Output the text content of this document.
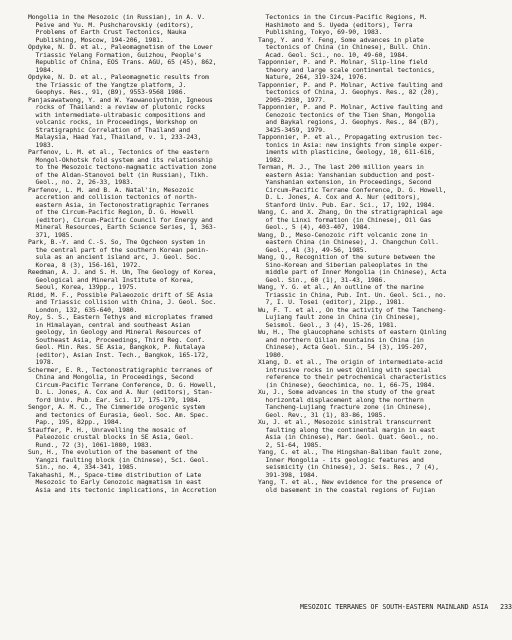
Mongolia in the Mesozoic (in Russian), in A. V.

Peive and Yu. M. Pushcharovskiy (editors),

Problems of Earth Crust Tectonics, Nauka

Publishing, Moscow, 194-206, 1981.

Opdyke, N. D. et al., Paleomagnetism of the Lower

Triassic Yelang Formation, Guizhou, People's

Republic of China, EOS Trans. AGU, 65 (45), 862,

1984.

Opdyke, N. D. et al., Paleomagnetic results from

the Triassic of the Yangtze platform, J.

Geophys. Res., 91, (B9), 9553-9568 1986.

Panjasawatwong, Y. and W. Yaowanoiyothin, Igneous

rocks of Thailand: a review of plutonic rocks

with intermediate-ultrabasic compositions and

volcanic rocks, in Proceedings, Workshop on

Stratigraphic Correlation of Thailand and

Malaysia, Haad Yai, Thailand, v. 1, 233-243,

1983.

Parfenov, L. M. et al., Tectonics of the eastern

Mongol-Okhotsk fold system and its relationship

to the Mesozoic tectono-magmatic activation zone

of the Aldan-Stanovoi belt (in Russian), Tikh.

Geol., no. 2, 26-33, 1983.

Parfenov, L. M. and B. A. Natal'in, Mesozoic

accretion and collision tectonics of north-

eastern Asia, in Tectonostratigraphic Terranes

of the Circum-Pacific Region, D. G. Howell

(editor), Circum-Pacific Council for Energy and

Mineral Resources, Earth Science Series, 1, 363-

371, 1985.

Park, B.-Y. and C.-S. So, The Ogcheon system in

the central part of the southern Korean penin-

sula as an ancient island arc, J. Geol. Soc.

Korea, 8 (3), 156-161, 1972.

Reedman, A. J. and S. H. Um, The Geology of Korea,

Geological and Mineral Institute of Korea,

Seoul, Korea, 139pp., 1975.

Ridd, M. F., Possible Palaeozoic drift of SE Asia

and Triassic collision with China, J. Geol. Soc.

London, 132, 635-640, 1980.

Roy, S. S., Eastern Tethys and microplates framed

in Himalayan, central and southeast Asian

geology, in Geology and Mineral Resources of

Southeast Asia, Proceedings, Third Reg. Conf.

Geol. Min. Res. SE Asia, Bangkok, P. Nutalaya

(editor), Asian Inst. Tech., Bangkok, 165-172,

1978.

Schermer, E. R., Tectonostratigraphic terranes of

China and Mongolia, in Proceedings, Second

Circum-Pacific Terrane Conference, D. G. Howell,

D. L. Jones, A. Cox and A. Nur (editors), Stan-

ford Univ. Pub. Ear. Sci. 17, 175-179, 1984.

Sengor, A. M. C., The Cimmeride orogenic system

and tectonics of Eurasia, Geol. Soc. Am. Spec.

Pap., 195, 82pp., 1984.

Stauffer, P. H., Unravelling the mosaic of

Paleozoic crustal blocks in SE Asia, Geol.

Rund., 72 (3), 1061-1080, 1983.

Sun, H., The evolution of the basement of the

Yangzi faulting block (in Chinese), Sci. Geol.

Sin., no. 4, 334-341, 1985.

Takahashi, M., Space-time distribution of Late

Mesozoic to Early Cenozoic magmatism in east

Asia and its tectonic implications, in Accretion

Tectonics in the Circum-Pacific Regions, M.

Hashimoto and S. Uyeda (editors), Terra

Publishing, Tokyo, 69-90, 1983.

Tang, Y. and Y. Feng, Some advances in plate

tectonics of China (in Chinese), Bull. Chin.

Acad. Geol. Sci., no. 10, 49-60, 1984.

Tapponnier, P. and P. Molnar, Slip-line field

theory and large scale continental tectonics,

Nature, 264, 319-324, 1976.

Tapponnier, P. and P. Molnar, Active faulting and

tectonics of China, J. Geophys. Res., 82 (20),

2905-2930, 1977.

Tapponnier, P. and P. Molnar, Active faulting and

Cenozoic tectonics of the Tien Shan, Mongolia

and Baykal regions, J. Geophys. Res., 84 (B7),

3425-3459, 1979.

Tapponnier, P. et al., Propagating extrusion tec-

tonics in Asia: new insights from simple exper-

iments with plasticine, Geology, 10, 611-616,

1982.

Terman, M. J., The last 200 million years in

eastern Asia: Yanshanian subduction and post-

Yanshanian extension, in Proceedings, Second

Circum-Pacific Terrane Conference, D. G. Howell,

D. L. Jones, A. Cox and A. Nur (editors),

Stanford Univ. Pub. Ear. Sci., 17, 192, 1984.

Wang, C. and X. Zhang, On the stratigraphical age

of the Linxi formation (in Chinese), Oil Gas

Geol., 5 (4), 403-407, 1984.

Wang, D., Meso-Cenozoic rift volcanic zone in

eastern China (in Chinese), J. Changchun Coll.

Geol., 41 (3), 49-56, 1985.

Wang, Q., Recognition of the suture between the

Sino-Korean and Siberian paleoplates in the

middle part of Inner Mongolia (in Chinese), Acta

Geol. Sin., 60 (1), 31-43, 1986.

Wang, Y. G. et al., An outline of the marine

Triassic in China, Pub. Int. Un. Geol. Sci., no.

7, I. U. Tosei (editor), 21pp., 1981.

Wu, F. T. et al., On the activity of the Tancheng-

Lujiang fault zone in China (in Chinese),

Seismol. Geol., 3 (4), 15-26, 1981.

Wu, H., The glaucophane schists of eastern Qinling

and northern Qilian mountains in China (in

Chinese), Acta Geol. Sin., 54 (3), 195-207,

1980.

Xiang, D. et al., The origin of intermediate-acid

intrusive rocks in west Qinling with special

reference to their petrochemical characteristics

(in Chinese), Geochimica, no. 1, 66-75, 1984.

Xu, J., Some advances in the study of the great

horizontal displacement along the northern

Tancheng-Lujiang fracture zone (in Chinese),

Geol. Rev., 31 (1), 83-86, 1985.

Xu, J. et al., Mesozoic sinistral transcurrent

faulting along the continental margin in east

Asia (in Chinese), Mar. Geol. Quat. Geol., no.

2, 51-64, 1985.

Yang, C. et al., The Hingshan-Baliban fault zone,

Inner Mongolia - its geologic features and

seismicity (in Chinese), J. Seis. Res., 7 (4),

391-398, 1984.

Yang, T. et al., New evidence for the presence of

old basement in the coastal regions of Fujian

MESOZOIC TERRANES OF SOUTH-EASTERN MAINLAND ASIA 233
